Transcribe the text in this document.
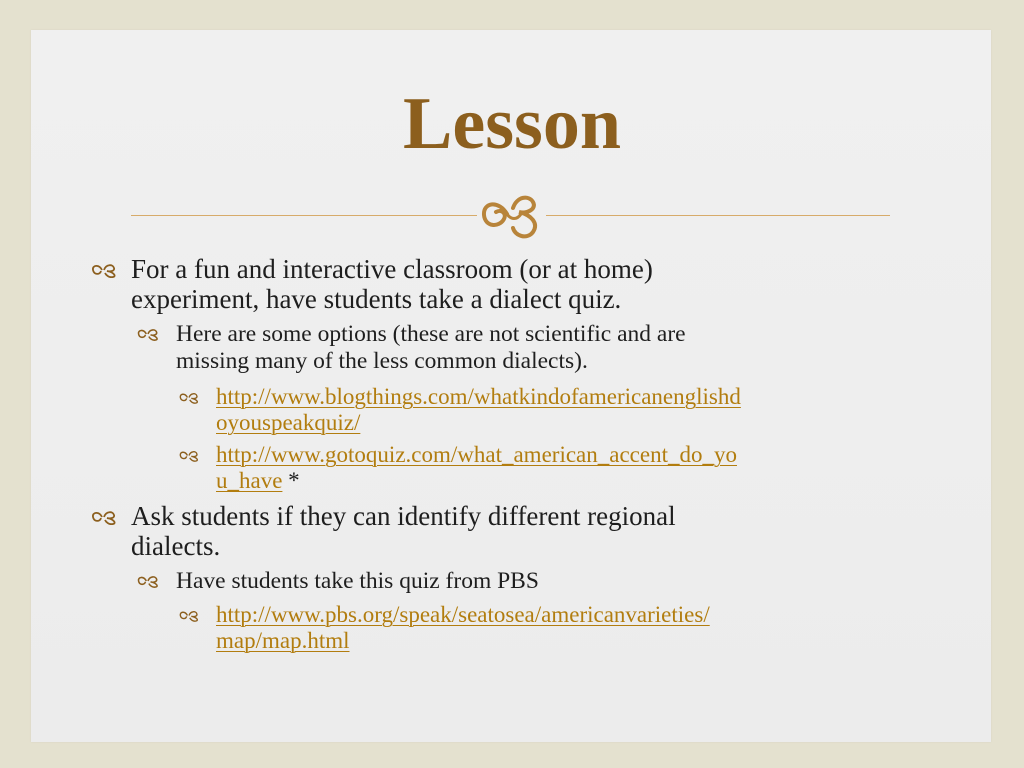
Lesson

For a fun and interactive classroom (or at home)
experiment, have students take a dialect quiz.

Here are some options (these are not scientific and are
missing many of the less common dialects).

http://www.blogthings.com/whatkindofamericanenglishd
oyouspeakquiz/

http://www.gotoquiz.com/what_american_accent_do_yo
u_have *

Ask students if they can identify different regional
dialects.

Have students take this quiz from PBS

http://www.pbs.org/speak/seatosea/americanvarieties/
map/map.html
